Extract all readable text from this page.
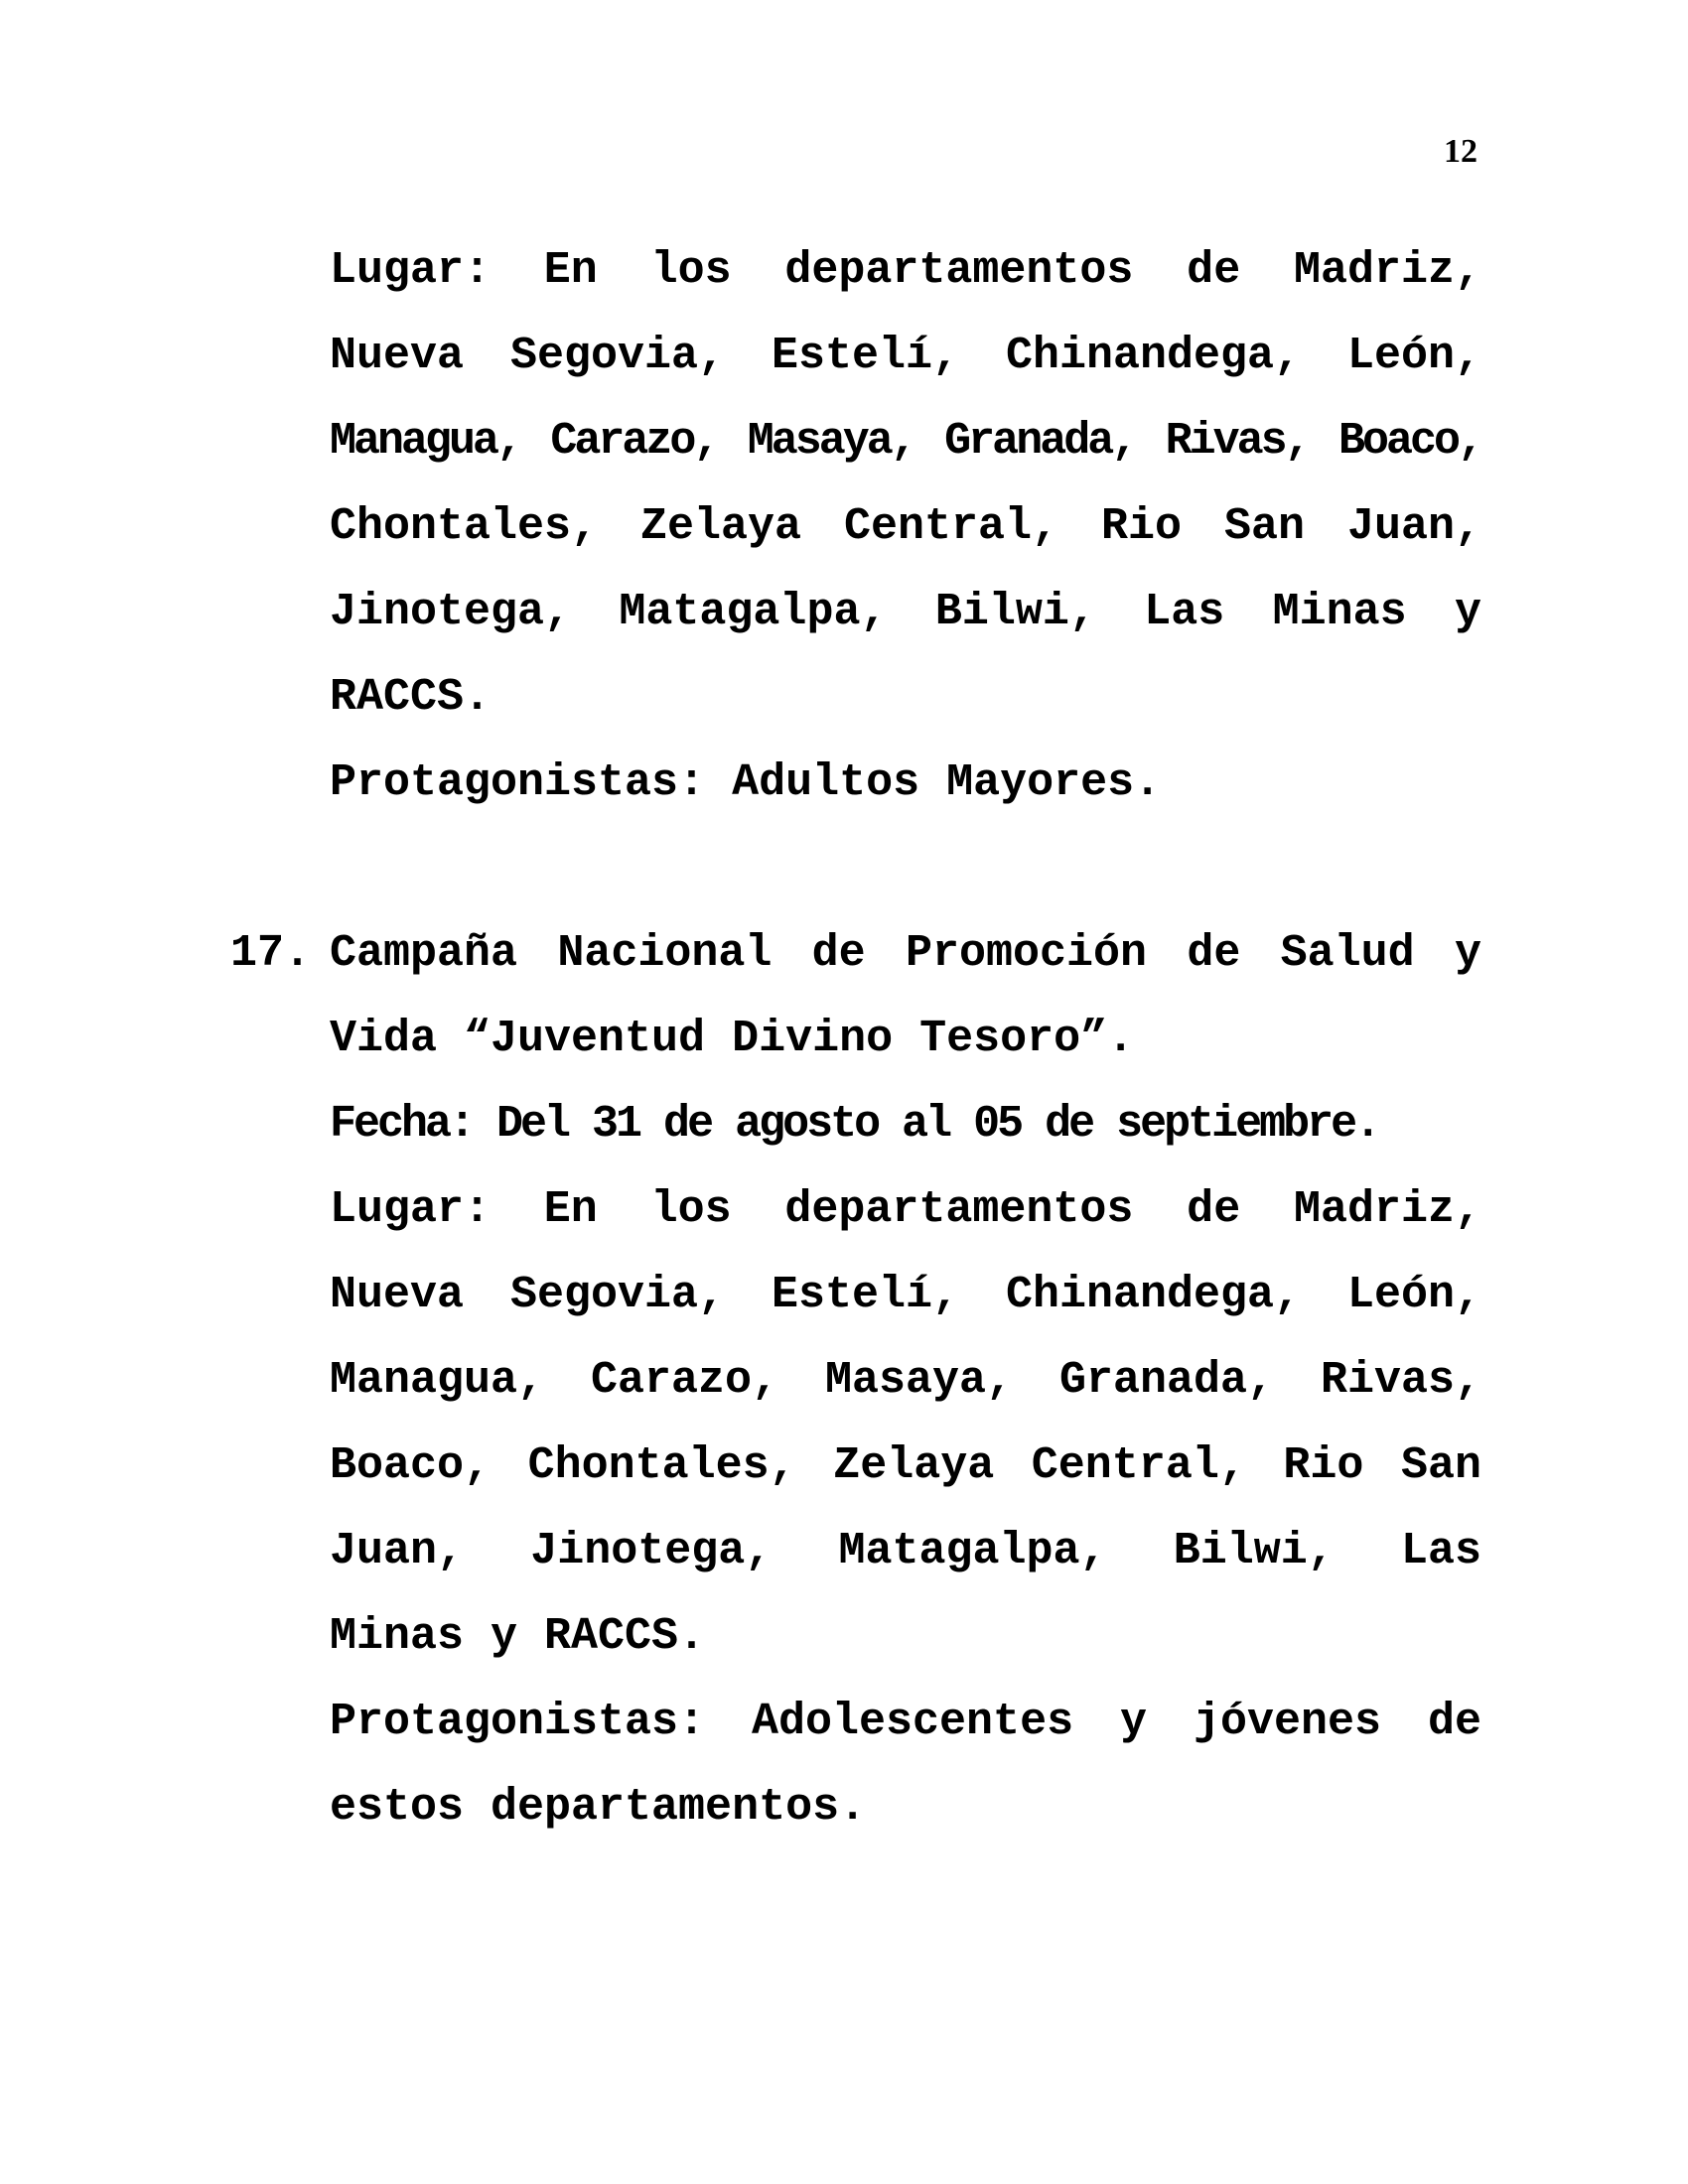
12
Lugar: En los departamentos de Madriz,
Nueva Segovia, Estelí, Chinandega, León,
Managua, Carazo, Masaya, Granada, Rivas, Boaco,
Chontales, Zelaya Central, Rio San Juan,
Jinotega, Matagalpa, Bilwi, Las Minas y
RACCS.
Protagonistas: Adultos Mayores.
17. Campaña Nacional de Promoción de Salud y
Vida “Juventud Divino Tesoro”.
Fecha: Del 31 de agosto al 05 de septiembre.
Lugar: En los departamentos de Madriz,
Nueva Segovia, Estelí, Chinandega, León,
Managua, Carazo, Masaya, Granada, Rivas,
Boaco, Chontales, Zelaya Central, Rio San
Juan, Jinotega, Matagalpa, Bilwi, Las
Minas y RACCS.
Protagonistas: Adolescentes y jóvenes de
estos departamentos.
